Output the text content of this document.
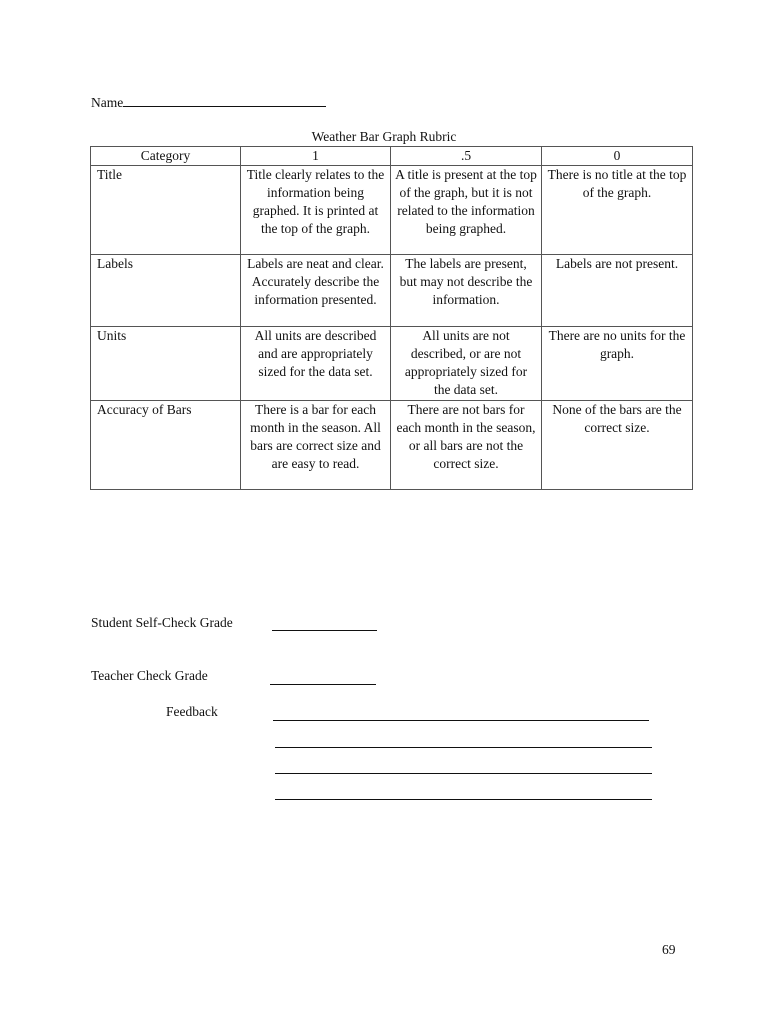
Name
Weather Bar Graph Rubric
Category	1	.5	0
Title	Title clearly relates to the information being graphed. It is printed at the top of the graph.	A title is present at the top of the graph, but it is not related to the information being graphed.	There is no title at the top of the graph.
Labels	Labels are neat and clear. Accurately describe the information presented.	The labels are present, but may not describe the information.	Labels are not present.
Units	All units are described and are appropriately sized for the data set.	All units are not described, or are not appropriately sized for the data set.	There are no units for the graph.
Accuracy of Bars	There is a bar for each month in the season. All bars are correct size and are easy to read.	There are not bars for each month in the season, or all bars are not the correct size.	None of the bars are the correct size.
Student Self-Check Grade
Teacher Check Grade
Feedback
69
